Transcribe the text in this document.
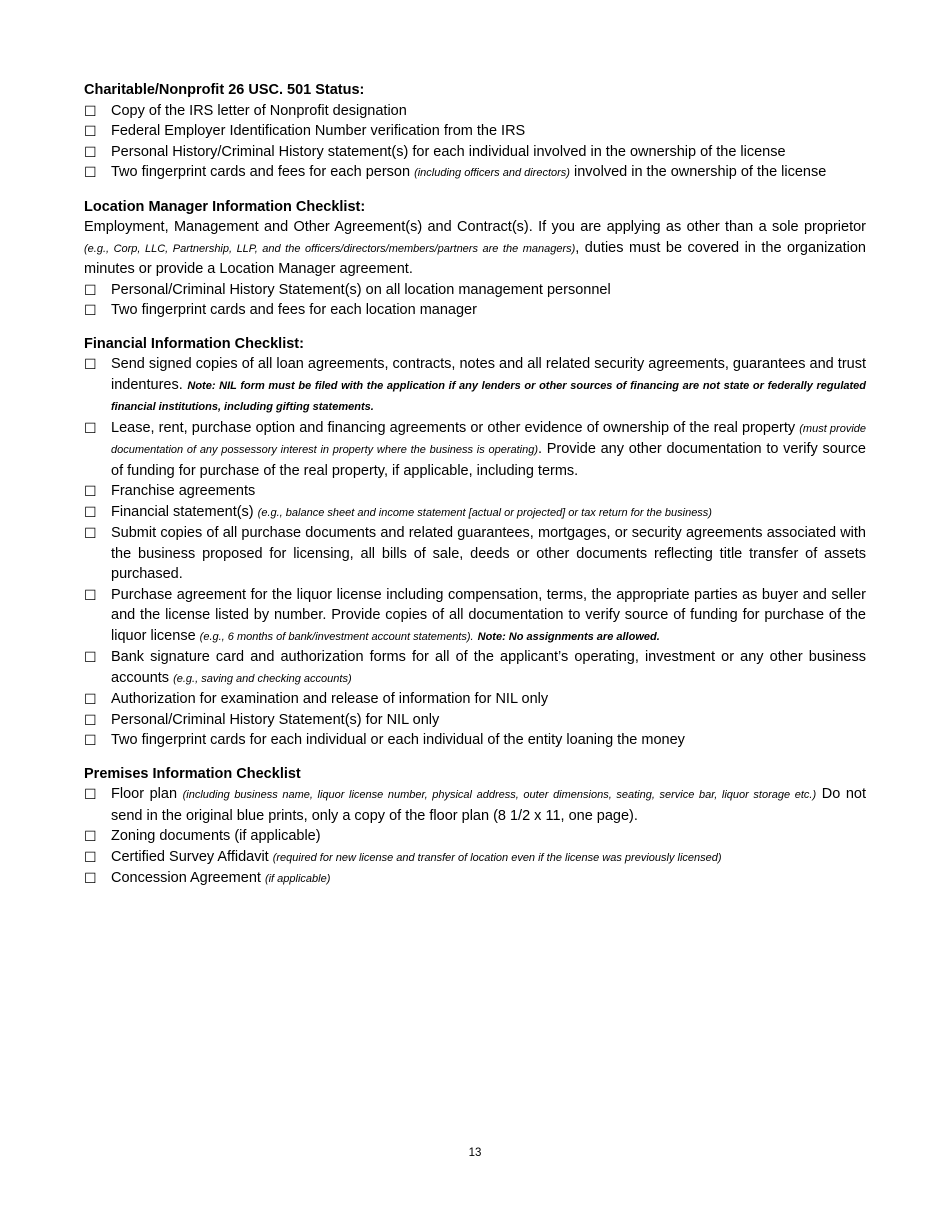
Charitable/Nonprofit 26 USC. 501 Status:
☐ Copy of the IRS letter of Nonprofit designation
☐ Federal Employer Identification Number verification from the IRS
☐ Personal History/Criminal History statement(s) for each individual involved in the ownership of the license
☐ Two fingerprint cards and fees for each person (including officers and directors) involved in the ownership of the license
Location Manager Information Checklist:
Employment, Management and Other Agreement(s) and Contract(s). If you are applying as other than a sole proprietor (e.g., Corp, LLC, Partnership, LLP, and the officers/directors/members/partners are the managers), duties must be covered in the organization minutes or provide a Location Manager agreement.
☐ Personal/Criminal History Statement(s) on all location management personnel
☐ Two fingerprint cards and fees for each location manager
Financial Information Checklist:
☐ Send signed copies of all loan agreements, contracts, notes and all related security agreements, guarantees and trust indentures. Note: NIL form must be filed with the application if any lenders or other sources of financing are not state or federally regulated financial institutions, including gifting statements.
☐ Lease, rent, purchase option and financing agreements or other evidence of ownership of the real property (must provide documentation of any possessory interest in property where the business is operating). Provide any other documentation to verify source of funding for purchase of the real property, if applicable, including terms.
☐ Franchise agreements
☐ Financial statement(s) (e.g., balance sheet and income statement [actual or projected] or tax return for the business)
☐ Submit copies of all purchase documents and related guarantees, mortgages, or security agreements associated with the business proposed for licensing, all bills of sale, deeds or other documents reflecting title transfer of assets purchased.
☐ Purchase agreement for the liquor license including compensation, terms, the appropriate parties as buyer and seller and the license listed by number. Provide copies of all documentation to verify source of funding for purchase of the liquor license (e.g., 6 months of bank/investment account statements). Note: No assignments are allowed.
☐ Bank signature card and authorization forms for all of the applicant’s operating, investment or any other business accounts (e.g., saving and checking accounts)
☐ Authorization for examination and release of information for NIL only
☐ Personal/Criminal History Statement(s) for NIL only
☐ Two fingerprint cards for each individual or each individual of the entity loaning the money
Premises Information Checklist
☐ Floor plan (including business name, liquor license number, physical address, outer dimensions, seating, service bar, liquor storage etc.) Do not send in the original blue prints, only a copy of the floor plan (8 1/2 x 11, one page).
☐ Zoning documents (if applicable)
☐ Certified Survey Affidavit (required for new license and transfer of location even if the license was previously licensed)
☐ Concession Agreement (if applicable)
13
